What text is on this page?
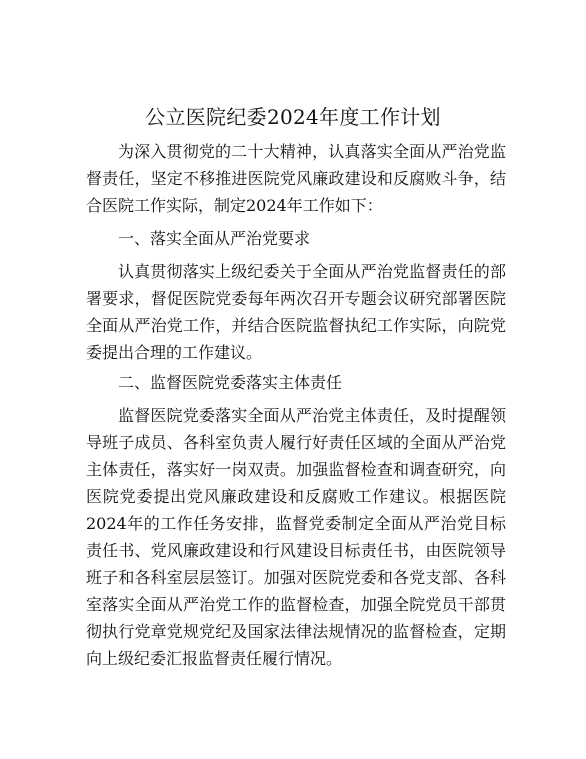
公立医院纪委2024年度工作计划

为深入贯彻党的二十大精神，认真落实全面从严治党监督责任，坚定不移推进医院党风廉政建设和反腐败斗争，结合医院工作实际，制定2024年工作如下：

一、落实全面从严治党要求

认真贯彻落实上级纪委关于全面从严治党监督责任的部署要求，督促医院党委每年两次召开专题会议研究部署医院全面从严治党工作，并结合医院监督执纪工作实际，向院党委提出合理的工作建议。

二、监督医院党委落实主体责任

监督医院党委落实全面从严治党主体责任，及时提醒领导班子成员、各科室负责人履行好责任区域的全面从严治党主体责任，落实好一岗双责。加强监督检查和调查研究，向医院党委提出党风廉政建设和反腐败工作建议。根据医院2024年的工作任务安排，监督党委制定全面从严治党目标责任书、党风廉政建设和行风建设目标责任书，由医院领导班子和各科室层层签订。加强对医院党委和各党支部、各科室落实全面从严治党工作的监督检查，加强全院党员干部贯彻执行党章党规党纪及国家法律法规情况的监督检查，定期向上级纪委汇报监督责任履行情况。
